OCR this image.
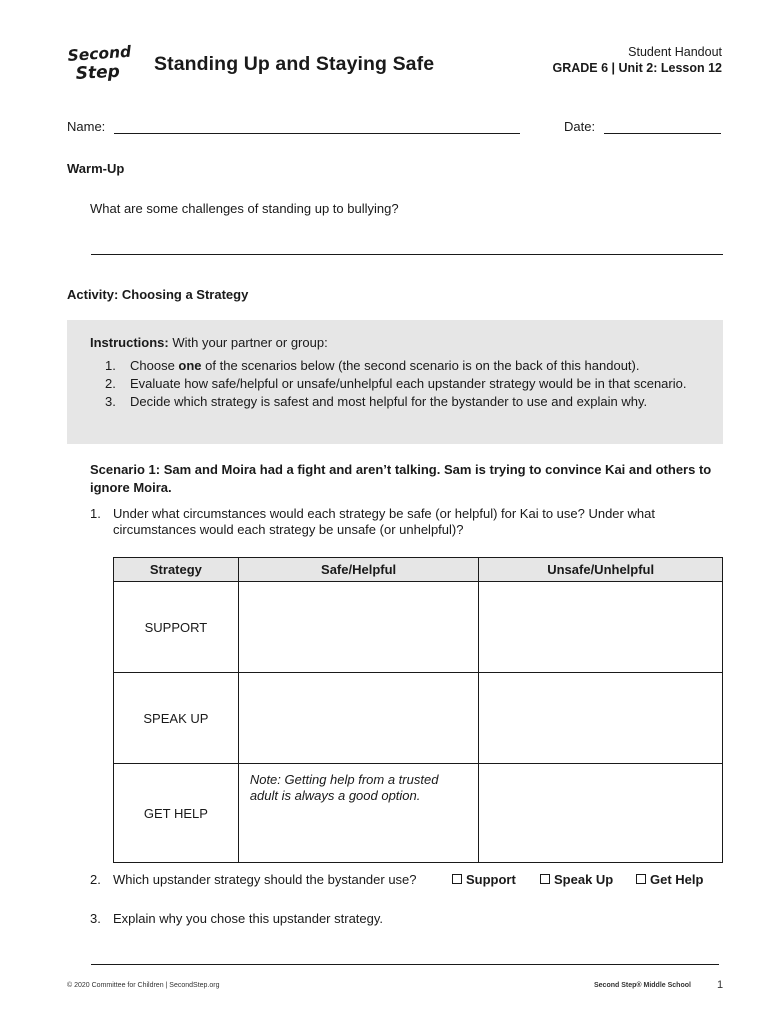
Second
Step Standing Up and Staying Safe
Student Handout
GRADE 6 | Unit 2: Lesson 12
Name:	Date:
Warm-Up
What are some challenges of standing up to bullying?
Activity: Choosing a Strategy
Instructions: With your partner or group:
1. Choose one of the scenarios below (the second scenario is on the back of this handout).
2. Evaluate how safe/helpful or unsafe/unhelpful each upstander strategy would be in that scenario.
3. Decide which strategy is safest and most helpful for the bystander to use and explain why.
Scenario 1: Sam and Moira had a fight and aren’t talking. Sam is trying to convince Kai and others to ignore Moira.
1. Under what circumstances would each strategy be safe (or helpful) for Kai to use? Under what circumstances would each strategy be unsafe (or unhelpful)?
Strategy	Safe/Helpful	Unsafe/Unhelpful
SUPPORT		
SPEAK UP		
GET HELP	Note: Getting help from a trusted adult is always a good option.	
2. Which upstander strategy should the bystander use?	Support	Speak Up	Get Help
3. Explain why you chose this upstander strategy.
© 2020 Committee for Children | SecondStep.org	Second Step® Middle School 1
